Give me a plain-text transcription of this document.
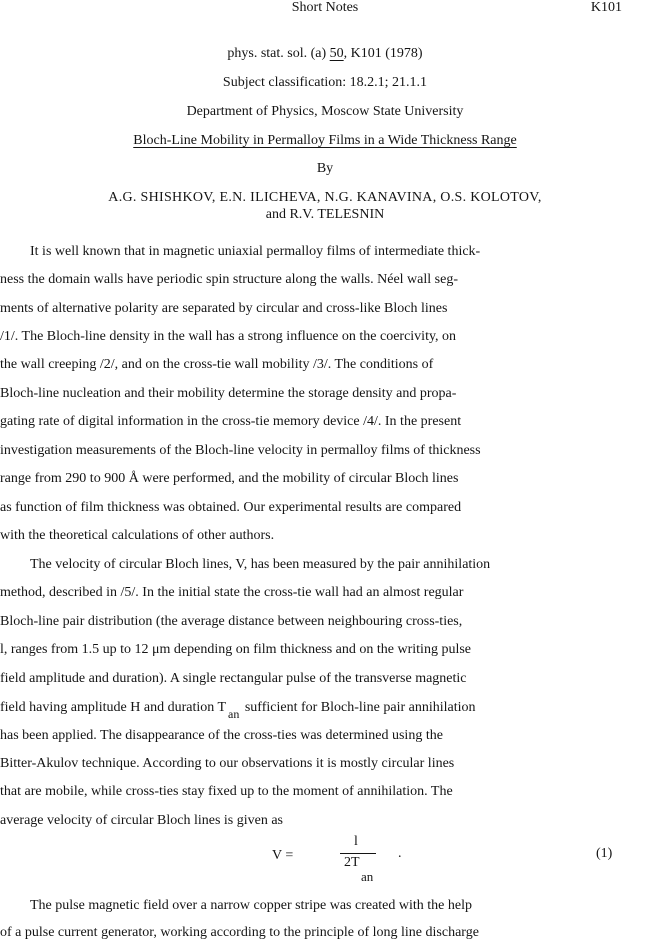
Short Notes	K101
phys. stat. sol. (a) 50, K101 (1978)
Subject classification: 18.2.1; 21.1.1
Department of Physics, Moscow State University
Bloch-Line Mobility in Permalloy Films in a Wide Thickness Range
By
A.G. SHISHKOV, E.N. ILICHEVA, N.G. KANAVINA, O.S. KOLOTOV,
and R.V. TELESNIN
It is well known that in magnetic uniaxial permalloy films of intermediate thick-
ness the domain walls have periodic spin structure along the walls. Néel wall seg-
ments of alternative polarity are separated by circular and cross-like Bloch lines
/1/. The Bloch-line density in the wall has a strong influence on the coercivity, on
the wall creeping /2/, and on the cross-tie wall mobility /3/. The conditions of
Bloch-line nucleation and their mobility determine the storage density and propa-
gating rate of digital information in the cross-tie memory device /4/. In the present
investigation measurements of the Bloch-line velocity in permalloy films of thickness
range from 290 to 900 Å were performed, and the mobility of circular Bloch lines
as function of film thickness was obtained. Our experimental results are compared
with the theoretical calculations of other authors.
The velocity of circular Bloch lines, V, has been measured by the pair annihilation
method, described in /5/. In the initial state the cross-tie wall had an almost regular
Bloch-line pair distribution (the average distance between neighbouring cross-ties,
l, ranges from 1.5 up to 12 μm depending on film thickness and on the writing pulse
field amplitude and duration). A single rectangular pulse of the transverse magnetic
field having amplitude H and duration T an sufficient for Bloch-line pair annihilation
has been applied. The disappearance of the cross-ties was determined using the
Bitter-Akulov technique. According to our observations it is mostly circular lines
that are mobile, while cross-ties stay fixed up to the moment of annihilation. The
average velocity of circular Bloch lines is given as
V =
l
2T
an
.	(1)
The pulse magnetic field over a narrow copper stripe was created with the help
of a pulse current generator, working according to the principle of long line discharge
